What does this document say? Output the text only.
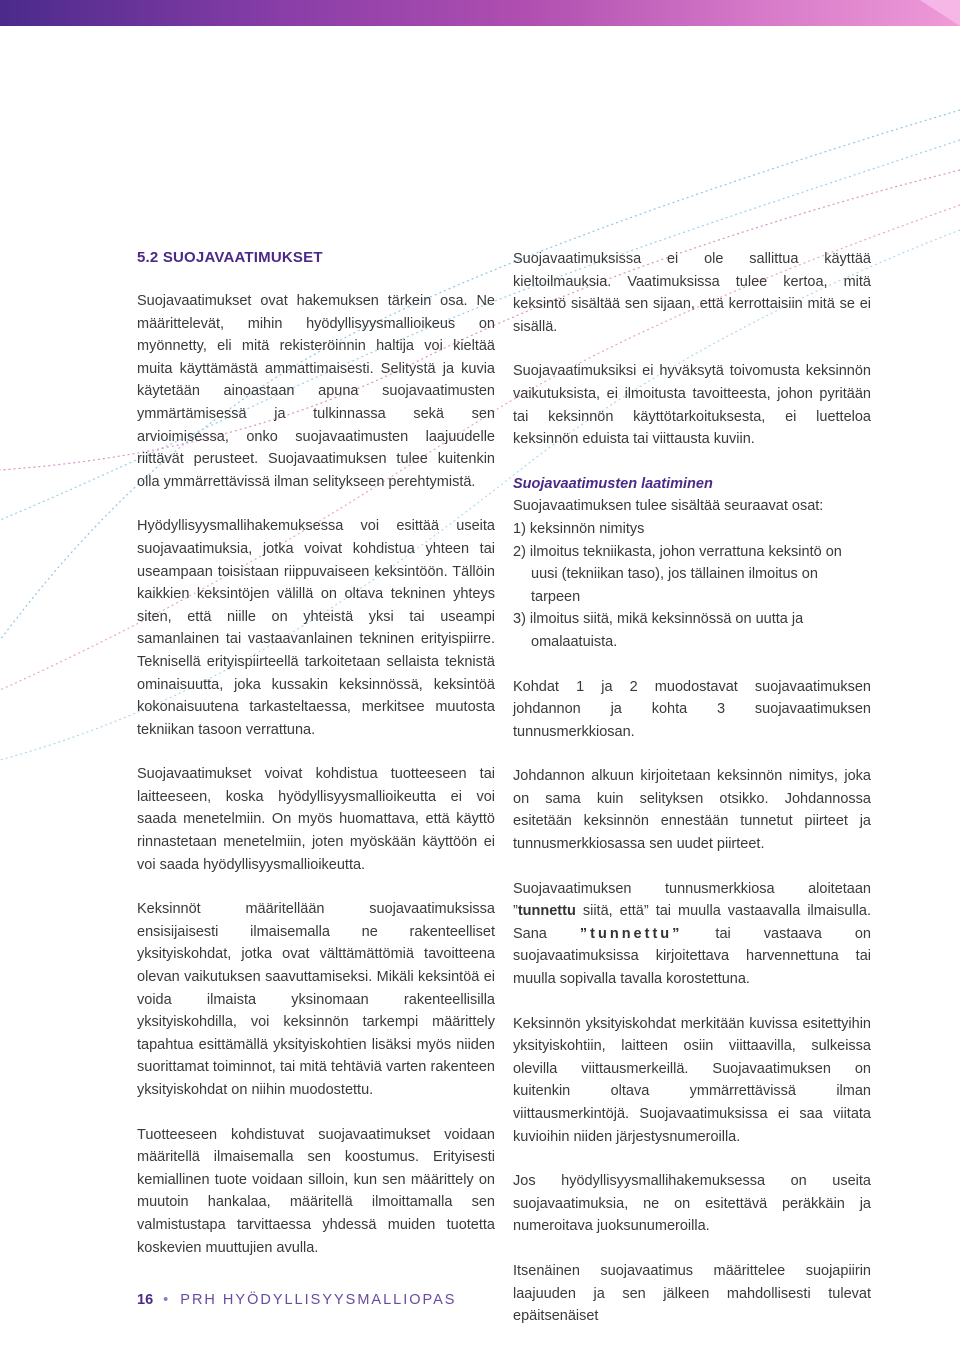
5.2 SUOJAVAATIMUKSET

Suojavaatimukset ovat hakemuksen tärkein osa. Ne määrittelevät, mihin hyödyllisyysmallioikeus on myönnetty, eli mitä rekisteröinnin haltija voi kieltää muita käyttämästä ammattimaisesti. Selitystä ja kuvia käytetään ainoastaan apuna suojavaatimusten ymmärtämisessä ja tulkinnassa sekä sen arvioimisessa, onko suojavaatimusten laajuudelle riittävät perusteet. Suojavaatimuksen tulee kuitenkin olla ymmärrettävissä ilman selitykseen perehtymistä.

Hyödyllisyysmallihakemuksessa voi esittää useita suojavaatimuksia, jotka voivat kohdistua yhteen tai useampaan toisistaan riippuvaiseen keksintöön. Tällöin kaikkien keksintöjen välillä on oltava tekninen yhteys siten, että niille on yhteistä yksi tai useampi samanlainen tai vastaavanlainen tekninen erityispiirre. Teknisellä erityispiirteellä tarkoitetaan sellaista teknistä ominaisuutta, joka kussakin keksinnössä, keksintöä kokonaisuutena tarkasteltaessa, merkitsee muutosta tekniikan tasoon verrattuna.

Suojavaatimukset voivat kohdistua tuotteeseen tai laitteeseen, koska hyödyllisyysmallioikeutta ei voi saada menetelmiin. On myös huomattava, että käyttö rinnastetaan menetelmiin, joten myöskään käyttöön ei voi saada hyödyllisyysmallioikeutta.

Keksinnöt määritellään suojavaatimuksissa ensisijaisesti ilmaisemalla ne rakenteelliset yksityiskohdat, jotka ovat välttämättömiä tavoitteena olevan vaikutuksen saavuttamiseksi. Mikäli keksintöä ei voida ilmaista yksinomaan rakenteellisilla yksityiskohdilla, voi keksinnön tarkempi määrittely tapahtua esittämällä yksityiskohtien lisäksi myös niiden suorittamat toiminnot, tai mitä tehtäviä varten rakenteen yksityiskohdat on niihin muodostettu.

Tuotteeseen kohdistuvat suojavaatimukset voidaan määritellä ilmaisemalla sen koostumus. Erityisesti kemiallinen tuote voidaan silloin, kun sen määrittely on muutoin hankalaa, määritellä ilmoittamalla sen valmistustapa tarvittaessa yhdessä muiden tuotetta koskevien muuttujien avulla.

Suojavaatimuksissa ei ole sallittua käyttää kieltoilmauksia. Vaatimuksissa tulee kertoa, mitä keksintö sisältää sen sijaan, että kerrottaisiin mitä se ei sisällä.

Suojavaatimuksiksi ei hyväksytä toivomusta keksinnön vaikutuksista, ei ilmoitusta tavoitteesta, johon pyritään tai keksinnön käyttötarkoituksesta, ei luetteloa keksinnön eduista tai viittausta kuviin.

Suojavaatimusten laatiminen

Suojavaatimuksen tulee sisältää seuraavat osat:

1) keksinnön nimitys
2) ilmoitus tekniikasta, johon verrattuna keksintö on uusi (tekniikan taso), jos tällainen ilmoitus on tarpeen
3) ilmoitus siitä, mikä keksinnössä on uutta ja omalaatuista.

Kohdat 1 ja 2 muodostavat suojavaatimuksen johdannon ja kohta 3 suojavaatimuksen tunnusmerkkiosan.

Johdannon alkuun kirjoitetaan keksinnön nimitys, joka on sama kuin selityksen otsikko. Johdannossa esitetään keksinnön ennestään tunnetut piirteet ja tunnusmerkkiosassa sen uudet piirteet.

Suojavaatimuksen tunnusmerkkiosa aloitetaan ”tunnettu siitä, että” tai muulla vastaavalla ilmaisulla. Sana ”tunnettu” tai vastaava on suojavaatimuksissa kirjoitettava harvennettuna tai muulla sopivalla tavalla korostettuna.

Keksinnön yksityiskohdat merkitään kuvissa esitettyihin yksityiskohtiin, laitteen osiin viittaavilla, sulkeissa olevilla viittausmerkeillä. Suojavaatimuksen on kuitenkin oltava ymmärrettävissä ilman viittausmerkintöjä. Suojavaatimuksissa ei saa viitata kuvioihin niiden järjestysnumeroilla.

Jos hyödyllisyysmallihakemuksessa on useita suojavaatimuksia, ne on esitettävä peräkkäin ja numeroitava juoksunumeroilla.

Itsenäinen suojavaatimus määrittelee suojapiirin laajuuden ja sen jälkeen mahdollisesti tulevat epäitsenäiset

16 • PRH HYÖDYLLISYYSMALLIOPAS
